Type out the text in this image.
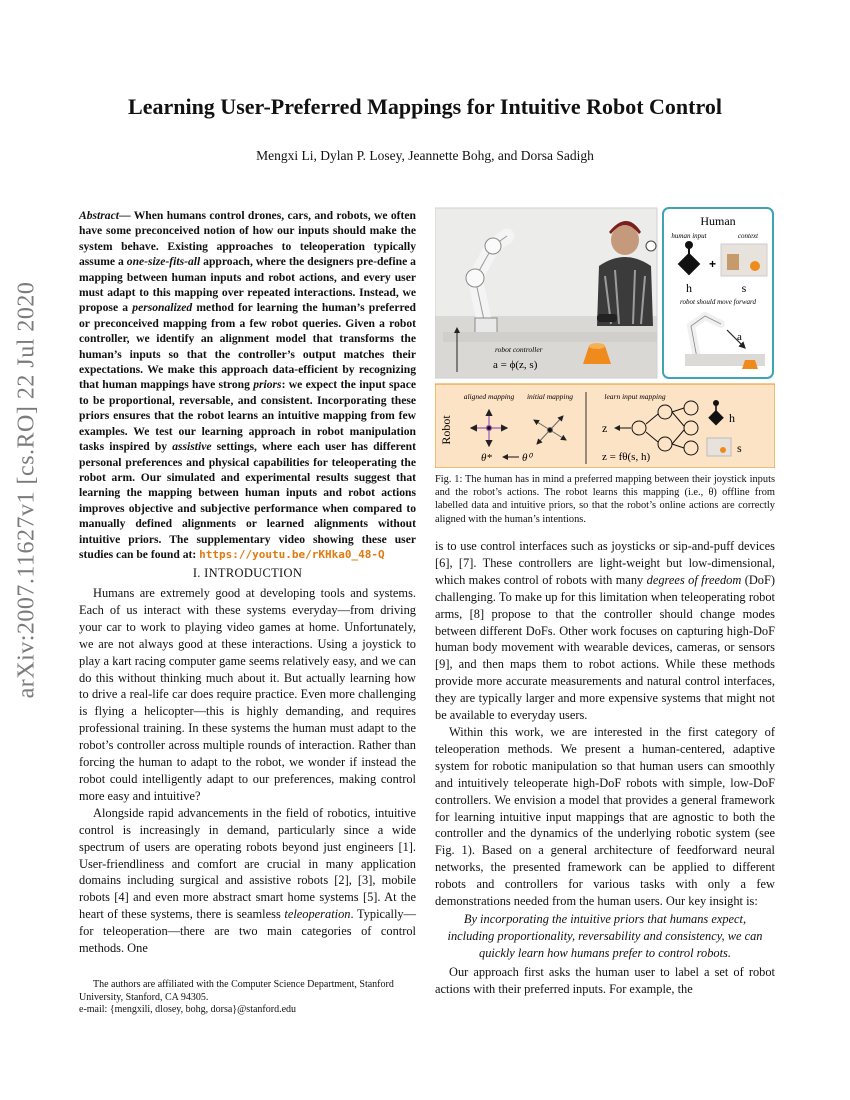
arXiv:2007.11627v1 [cs.RO] 22 Jul 2020
Learning User-Preferred Mappings for Intuitive Robot Control
Mengxi Li, Dylan P. Losey, Jeannette Bohg, and Dorsa Sadigh
Abstract— When humans control drones, cars, and robots, we often have some preconceived notion of how our inputs should make the system behave. Existing approaches to teleoperation typically assume a one-size-fits-all approach, where the designers pre-define a mapping between human inputs and robot actions, and every user must adapt to this mapping over repeated interactions. Instead, we propose a personalized method for learning the human’s preferred or preconceived mapping from a few robot queries. Given a robot controller, we identify an alignment model that transforms the human’s inputs so that the controller’s output matches their expectations. We make this approach data-efficient by recognizing that human mappings have strong priors: we expect the input space to be proportional, reversable, and consistent. Incorporating these priors ensures that the robot learns an intuitive mapping from few examples. We test our learning approach in robot manipulation tasks inspired by assistive settings, where each user has different personal preferences and physical capabilities for teleoperating the robot arm. Our simulated and experimental results suggest that learning the mapping between human inputs and robot actions improves objective and subjective performance when compared to manually defined alignments or learned alignments without intuitive priors. The supplementary video showing these user studies can be found at: https://youtu.be/rKHka0_48-Q
I. INTRODUCTION

Humans are extremely good at developing tools and systems. Each of us interact with these systems everyday—from driving your car to work to playing video games at home. Unfortunately, we are not always good at these interactions. Using a joystick to play a kart racing computer game seems relatively easy, and we can do this without thinking much about it. But actually learning how to drive a real-life car does require practice. Even more challenging is flying a helicopter—this is highly demanding, and requires professional training. In these systems the human must adapt to the robot’s controller across multiple rounds of interaction. Rather than forcing the human to adapt to the robot, we wonder if instead the robot could intelligently adapt to our preferences, making control more easy and intuitive?

Alongside rapid advancements in the field of robotics, intuitive control is increasingly in demand, particularly since a wide spectrum of users are operating robots beyond just engineers [1]. User-friendliness and comfort are crucial in many application domains including surgical and assistive robots [2], [3], mobile robots [4] and even more abstract smart home systems [5]. At the heart of these systems, there is seamless teleoperation. Typically—for teleoperation—there are two main categories of control methods. One

The authors are affiliated with the Computer Science Department, Stanford University, Stanford, CA 94305.
e-mail: {mengxili, dlosey, bohg, dorsa}@stanford.edu
Human
human input	context
+
h	s
robot should move forward
a
robot controller
a = ϕ(z, s)
Robot
aligned mapping initial mapping	learn input mapping
θ*	θ⁰
z
h
s
z = fθ(s, h)
Fig. 1: The human has in mind a preferred mapping between their joystick inputs and the robot’s actions. The robot learns this mapping (i.e., θ) offline from labelled data and intuitive priors, so that the robot’s online actions are correctly aligned with the human’s intentions.

is to use control interfaces such as joysticks or sip-and-puff devices [6], [7]. These controllers are light-weight but low-dimensional, which makes control of robots with many degrees of freedom (DoF) challenging. To make up for this limitation when teleoperating robot arms, [8] propose to that the controller should change modes between different DoFs. Other work focuses on capturing high-DoF human body movement with wearable devices, cameras, or sensors [9], and then maps them to robot actions. While these methods provide more accurate measurements and natural control interfaces, they are typically larger and more expensive systems that might not be available to everyday users.

Within this work, we are interested in the first category of teleoperation methods. We present a human-centered, adaptive system for robotic manipulation so that human users can smoothly and intuitively teleoperate high-DoF robots with simple, low-DoF controllers. We envision a model that provides a general framework for learning intuitive input mappings that are agnostic to both the controller and the dynamics of the underlying robotic system (see Fig. 1). Based on a general architecture of feedforward neural networks, the presented framework can be applied to different robots and controllers for various tasks with only a few demonstrations needed from the human users. Our key insight is:

By incorporating the intuitive priors that humans expect, including proportionality, reversability and consistency, we can quickly learn how humans prefer to control robots.

Our approach first asks the human user to label a set of robot actions with their preferred inputs. For example, the
